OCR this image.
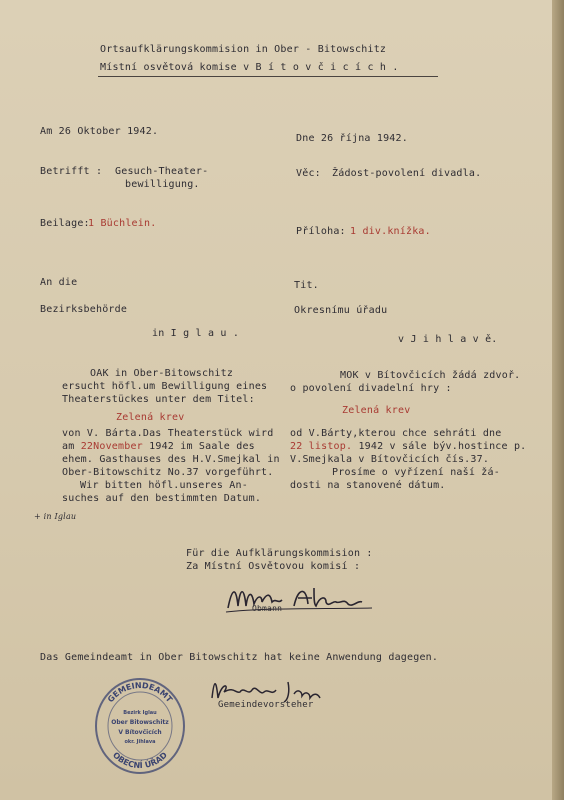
Ortsaufklärungskommision in Ober - Bitowschitz
Místní osvětová komise v B í t o v č i c í c h .
Am 26 Oktober 1942.
Betrifft : Gesuch-Theater-
bewilligung.
Beilage:
1 Büchlein.
An die
Bezirksbehörde
in I g l a u .
OAK in Ober-Bitowschitz
ersucht höfl.um Bewilligung eines
Theaterstückes unter dem Titel:
Zelená krev
von V. Bárta.Das Theaterstück wird
am 22November 1942 im Saale des
ehem. Gasthauses des H.V.Smejkal in
Ober-Bitowschitz No.37 vorgeführt.
Wir bitten höfl.unseres An-
suches auf den bestimmten Datum.
+ in Iglau
Dne 26 října 1942.
Věc: Žádost-povolení divadla.
Příloha: 1 div.knížka.
Tit.
Okresnímu úřadu
v J i h l a v ě.
MOK v Bítovčicích žádá zdvoř.
o povolení divadelní hry :
Zelená krev
od V.Bárty,kterou chce sehráti dne
22 listop. 1942 v sále býv.hostince p.
V.Smejkala v Bítovčicích čís.37.
Prosíme o vyřízení naší žá-
dosti na stanovené dátum.
Für die Aufklärungskommision :
Za Místní Osvětovou komisí :
Obmann
Das Gemeindeamt in Ober Bitowschitz hat keine Anwendung dagegen.
Gemeindevorsteher
GEMEINDEAMT
OBECNÍ ÚŘAD
Bezirk Iglau
Ober Bitowschitz
V Bítovčicích
okr. Jihlava
